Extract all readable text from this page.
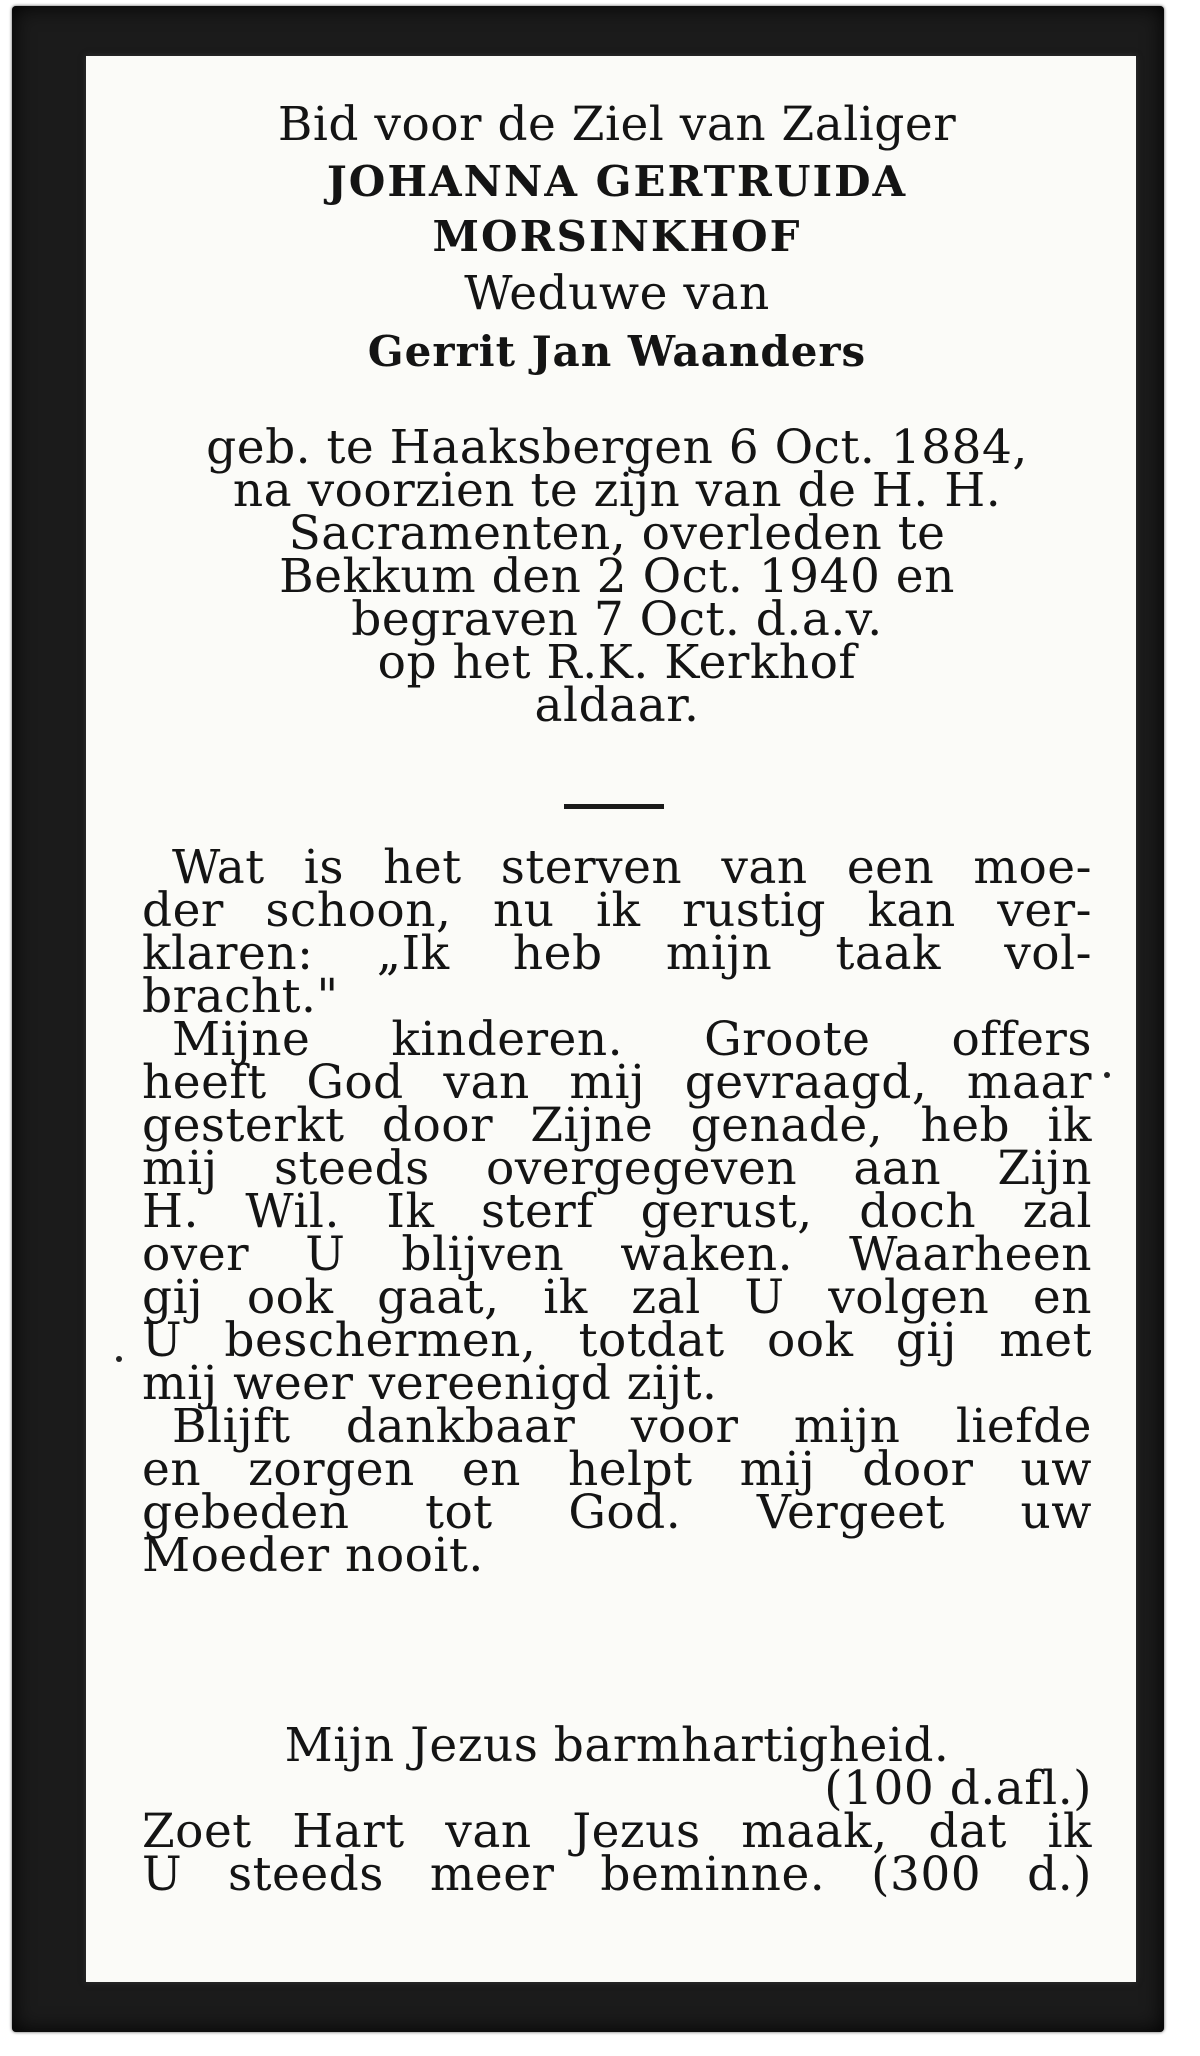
Bid voor de Ziel van Zaliger
JOHANNA GERTRUIDA
MORSINKHOF
Weduwe van
Gerrit Jan Waanders
geb. te Haaksbergen 6 Oct. 1884,
na voorzien te zijn van de H. H.
Sacramenten, overleden te
Bekkum den 2 Oct. 1940 en
begraven 7 Oct. d.a.v.
op het R.K. Kerkhof
aldaar.
Wat is het sterven van een moe-
der schoon, nu ik rustig kan ver-
klaren: „Ik heb mijn taak vol-
bracht."
Mijne kinderen. Groote offers
heeft God van mij gevraagd, maar
gesterkt door Zijne genade, heb ik
mij steeds overgegeven aan Zijn
H. Wil. Ik sterf gerust, doch zal
over U blijven waken. Waarheen
gij ook gaat, ik zal U volgen en
U beschermen, totdat ook gij met
mij weer vereenigd zijt.
Blijft dankbaar voor mijn liefde
en zorgen en helpt mij door uw
gebeden tot God. Vergeet uw
Moeder nooit.
Mijn Jezus barmhartigheid.
(100 d.afl.)
Zoet Hart van Jezus maak, dat ik
U steeds meer beminne. (300 d.)
